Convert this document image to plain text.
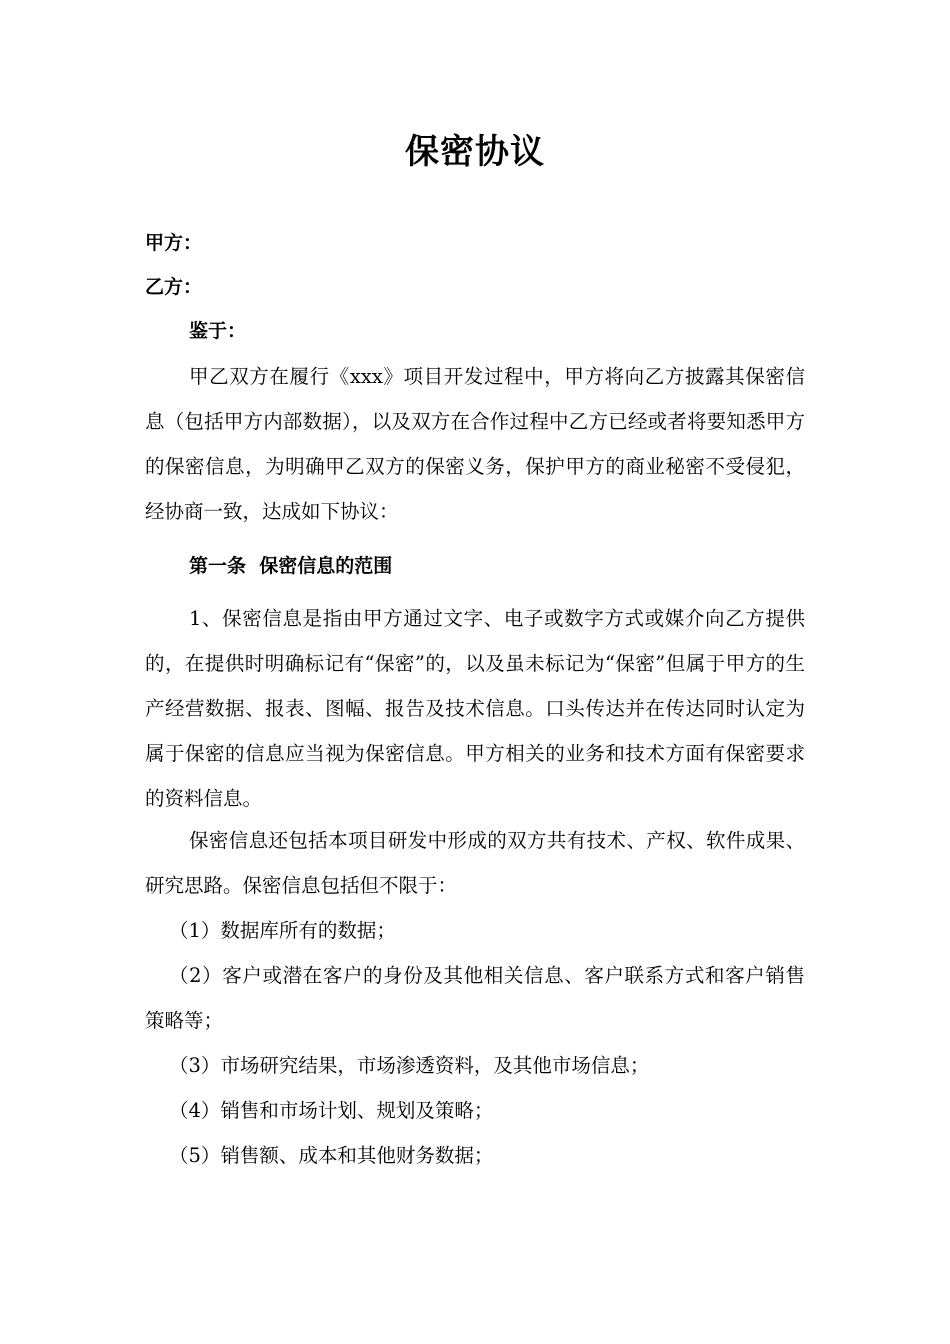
保密协议

甲方：

乙方：

鉴于：

甲乙双方在履行《xxx》项目开发过程中，甲方将向乙方披露其保密信息（包括甲方内部数据），以及双方在合作过程中乙方已经或者将要知悉甲方的保密信息，为明确甲乙双方的保密义务，保护甲方的商业秘密不受侵犯，经协商一致，达成如下协议：

第一条  保密信息的范围

1、保密信息是指由甲方通过文字、电子或数字方式或媒介向乙方提供的，在提供时明确标记有“保密”的，以及虽未标记为“保密”但属于甲方的生产经营数据、报表、图幅、报告及技术信息。口头传达并在传达同时认定为属于保密的信息应当视为保密信息。甲方相关的业务和技术方面有保密要求的资料信息。

保密信息还包括本项目研发中形成的双方共有技术、产权、软件成果、研究思路。保密信息包括但不限于：

（1）数据库所有的数据；

（2）客户或潜在客户的身份及其他相关信息、客户联系方式和客户销售策略等；

（3）市场研究结果，市场渗透资料，及其他市场信息；

（4）销售和市场计划、规划及策略；

（5）销售额、成本和其他财务数据；
